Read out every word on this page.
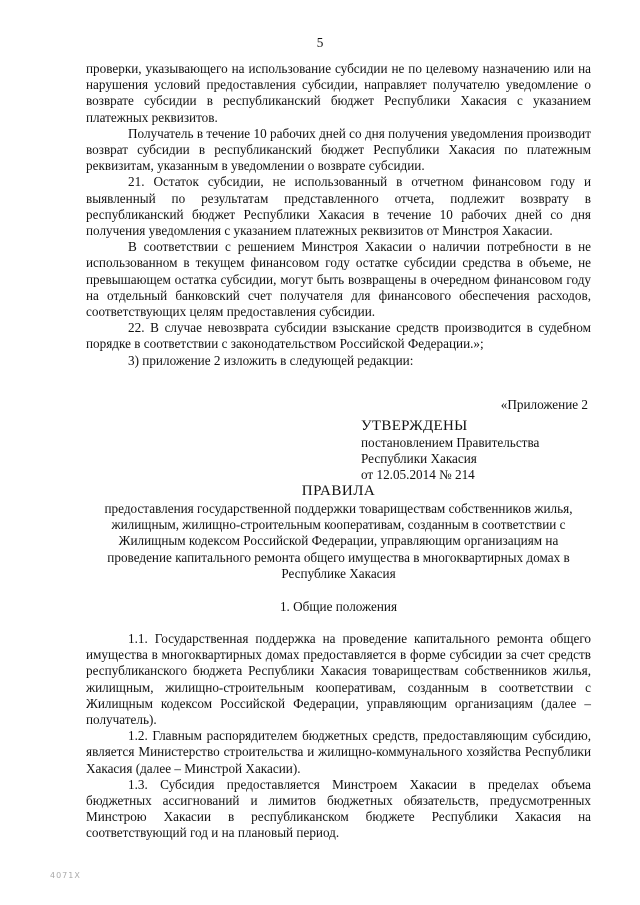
5

проверки, указывающего на использование субсидии не по целевому назначению или на нарушения условий предоставления субсидии, направляет получателю уведомление о возврате субсидии в республиканский бюджет Республики Хакасия с указанием платежных реквизитов.

Получатель в течение 10 рабочих дней со дня получения уведомления производит возврат субсидии в республиканский бюджет Республики Хакасия по платежным реквизитам, указанным в уведомлении о возврате субсидии.

21. Остаток субсидии, не использованный в отчетном финансовом году и выявленный по результатам представленного отчета, подлежит возврату в республиканский бюджет Республики Хакасия в течение 10 рабочих дней со дня получения уведомления с указанием платежных реквизитов от Минстроя Хакасии.

В соответствии с решением Минстроя Хакасии о наличии потребности в не использованном в текущем финансовом году остатке субсидии средства в объеме, не превышающем остатка субсидии, могут быть возвращены в очередном финансовом году на отдельный банковский счет получателя для финансового обеспечения расходов, соответствующих целям предоставления субсидии.

22. В случае невозврата субсидии взыскание средств производится в судебном порядке в соответствии с законодательством Российской Федерации.»;

3) приложение 2 изложить в следующей редакции:

«Приложение 2
УТВЕРЖДЕНЫ
постановлением Правительства
Республики Хакасия
от 12.05.2014 № 214
ПРАВИЛА
предоставления государственной поддержки товариществам собственников жилья, жилищным, жилищно-строительным кооперативам, созданным в соответствии с Жилищным кодексом Российской Федерации, управляющим организациям на проведение капитального ремонта общего имущества в многоквартирных домах в Республике Хакасия
1. Общие положения

1.1. Государственная поддержка на проведение капитального ремонта общего имущества в многоквартирных домах предоставляется в форме субсидии за счет средств республиканского бюджета Республики Хакасия товариществам собственников жилья, жилищным, жилищно-строительным кооперативам, созданным в соответствии с Жилищным кодексом Российской Федерации, управляющим организациям (далее – получатель).

1.2. Главным распорядителем бюджетных средств, предоставляющим субсидию, является Министерство строительства и жилищно-коммунального хозяйства Республики Хакасия (далее – Минстрой Хакасии).

1.3. Субсидия предоставляется Минстроем Хакасии в пределах объема бюджетных ассигнований и лимитов бюджетных обязательств, предусмотренных Минстрою Хакасии в республиканском бюджете Республики Хакасия на соответствующий год и на плановый период.

4071X
